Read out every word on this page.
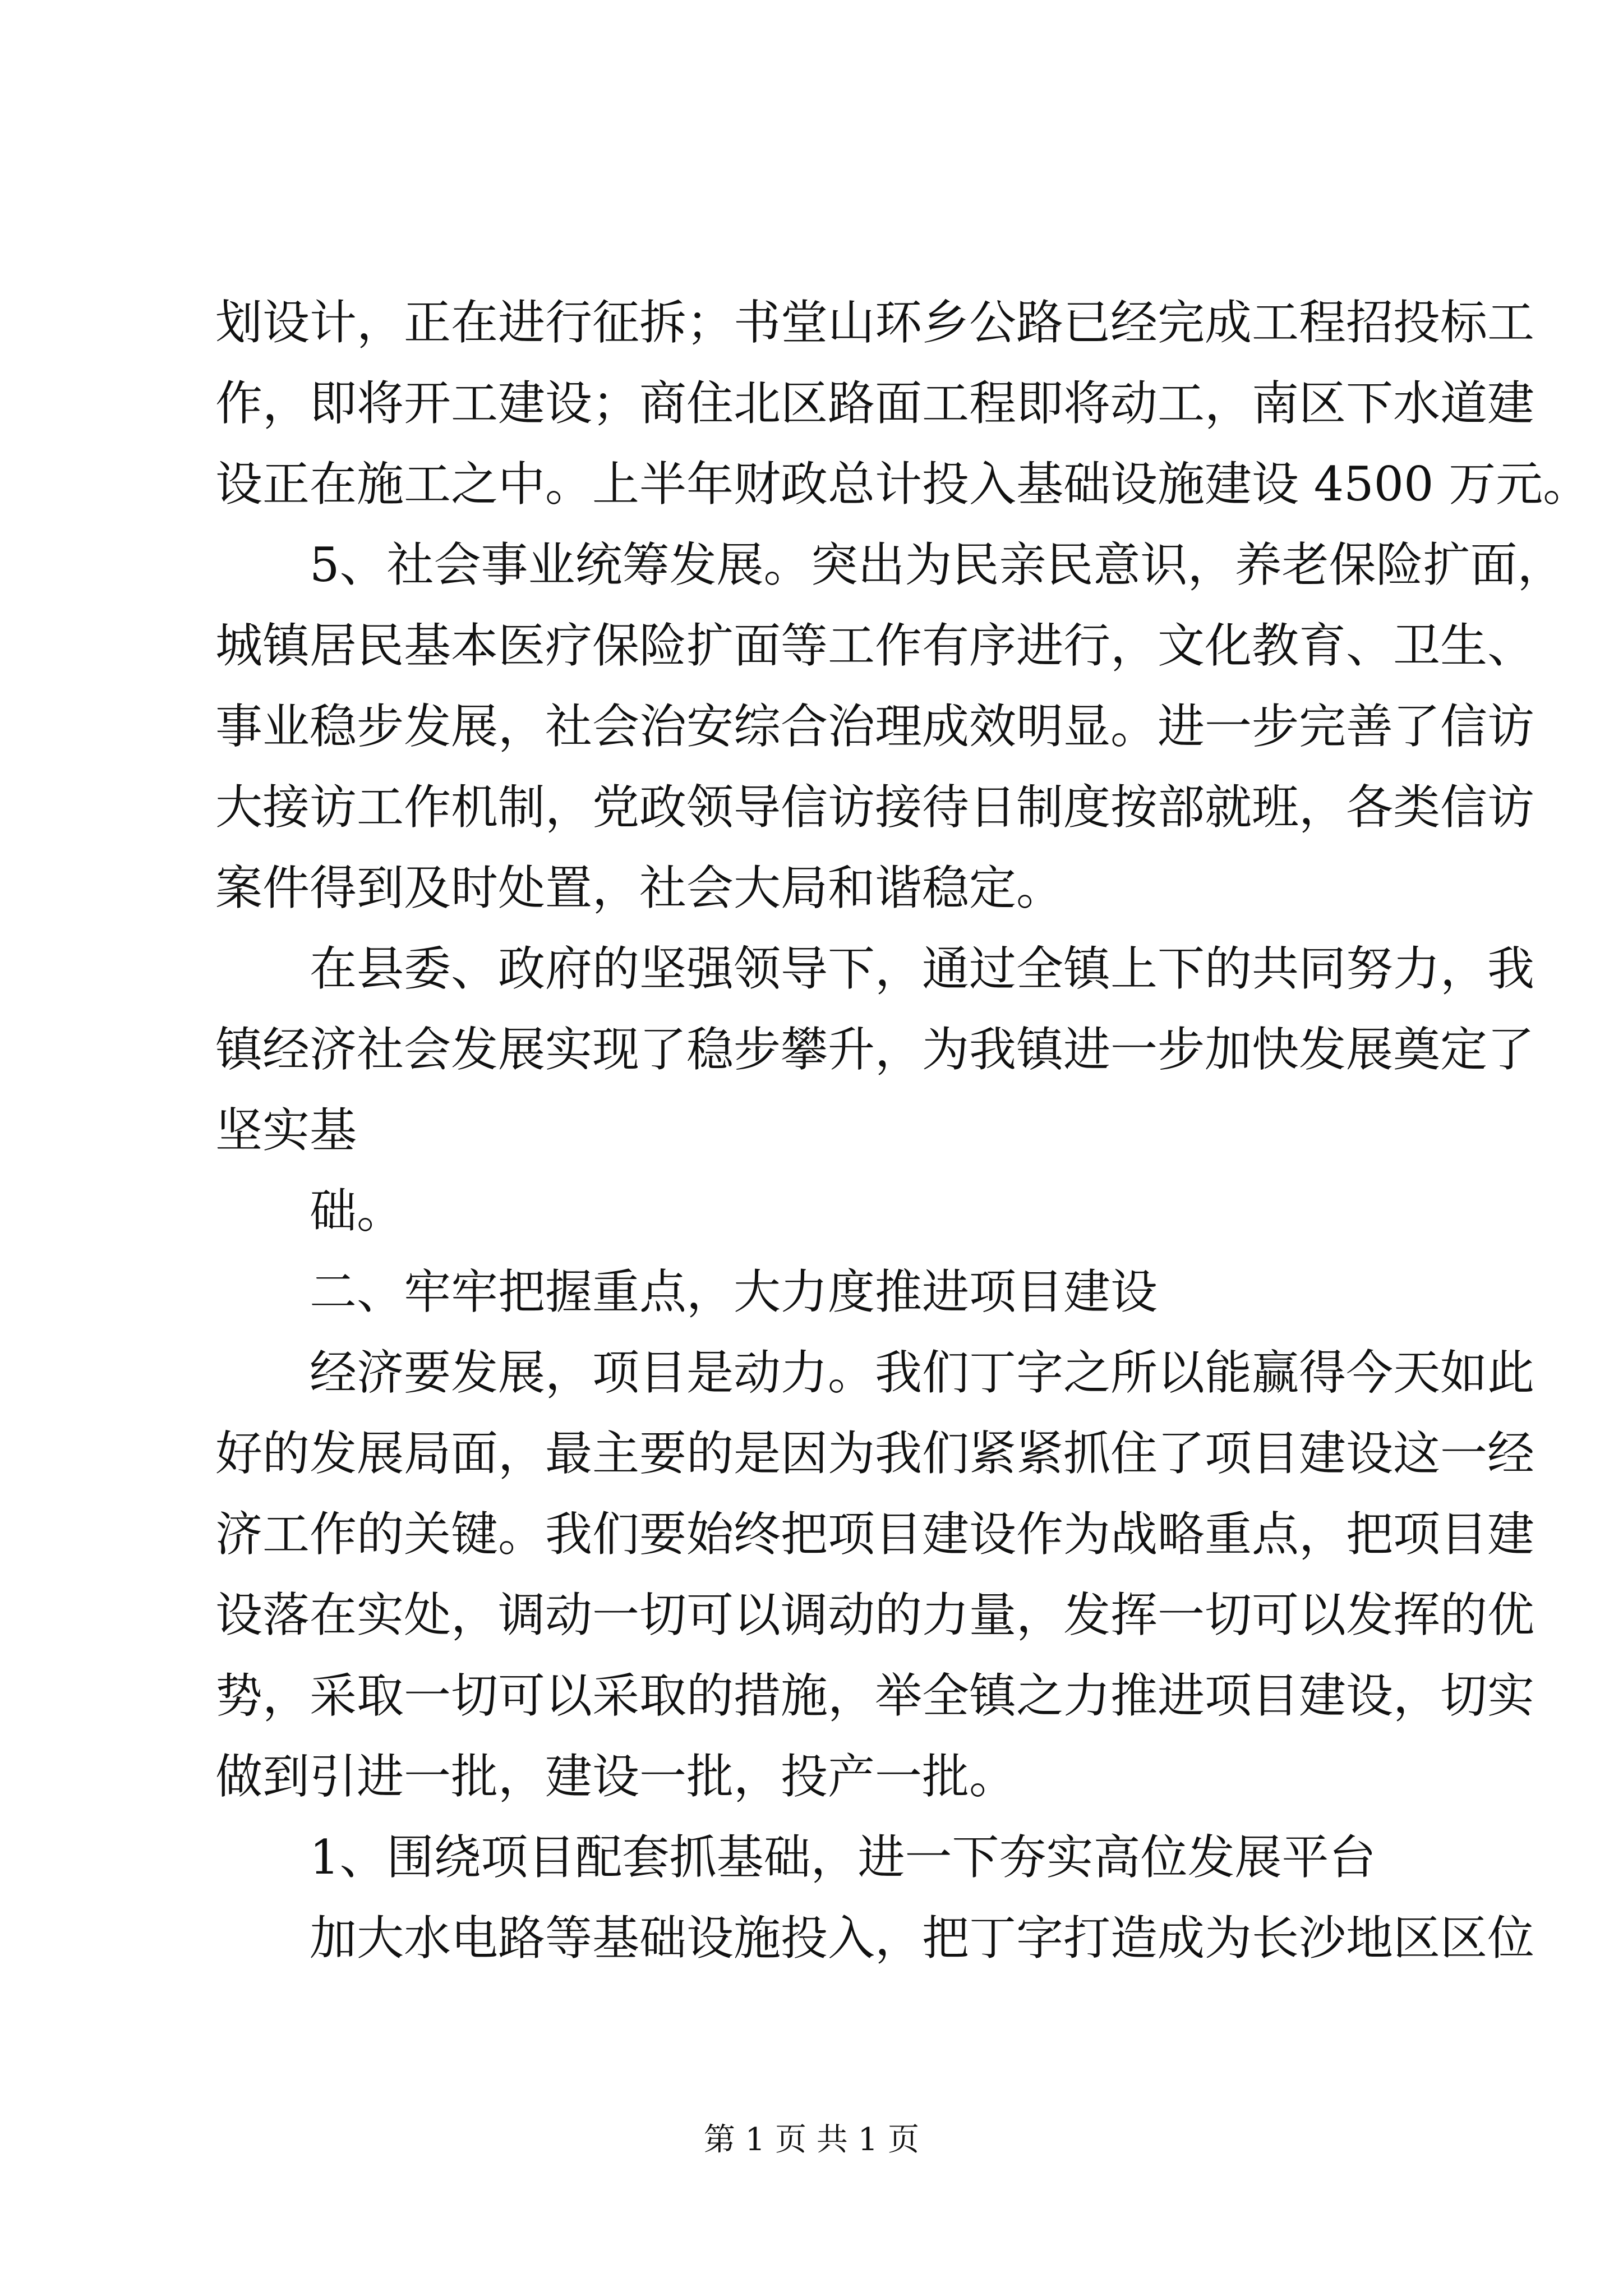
划设计，正在进行征拆；书堂山环乡公路已经完成工程招投标工
作，即将开工建设；商住北区路面工程即将动工，南区下水道建
设正在施工之中。上半年财政总计投入基础设施建设 4500 万元。
5、社会事业统筹发展。突出为民亲民意识，养老保险扩面，
城镇居民基本医疗保险扩面等工作有序进行，文化教育、卫生、
事业稳步发展，社会治安综合治理成效明显。进一步完善了信访
大接访工作机制，党政领导信访接待日制度按部就班，各类信访
案件得到及时处置，社会大局和谐稳定。
在县委、政府的坚强领导下，通过全镇上下的共同努力，我
镇经济社会发展实现了稳步攀升，为我镇进一步加快发展奠定了
坚实基
础。
二、牢牢把握重点，大力度推进项目建设
经济要发展，项目是动力。我们丁字之所以能赢得今天如此
好的发展局面，最主要的是因为我们紧紧抓住了项目建设这一经
济工作的关键。我们要始终把项目建设作为战略重点，把项目建
设落在实处，调动一切可以调动的力量，发挥一切可以发挥的优
势，采取一切可以采取的措施，举全镇之力推进项目建设，切实
做到引进一批，建设一批，投产一批。
1、围绕项目配套抓基础，进一下夯实高位发展平台
加大水电路等基础设施投入，把丁字打造成为长沙地区区位
第 1 页 共 1 页
